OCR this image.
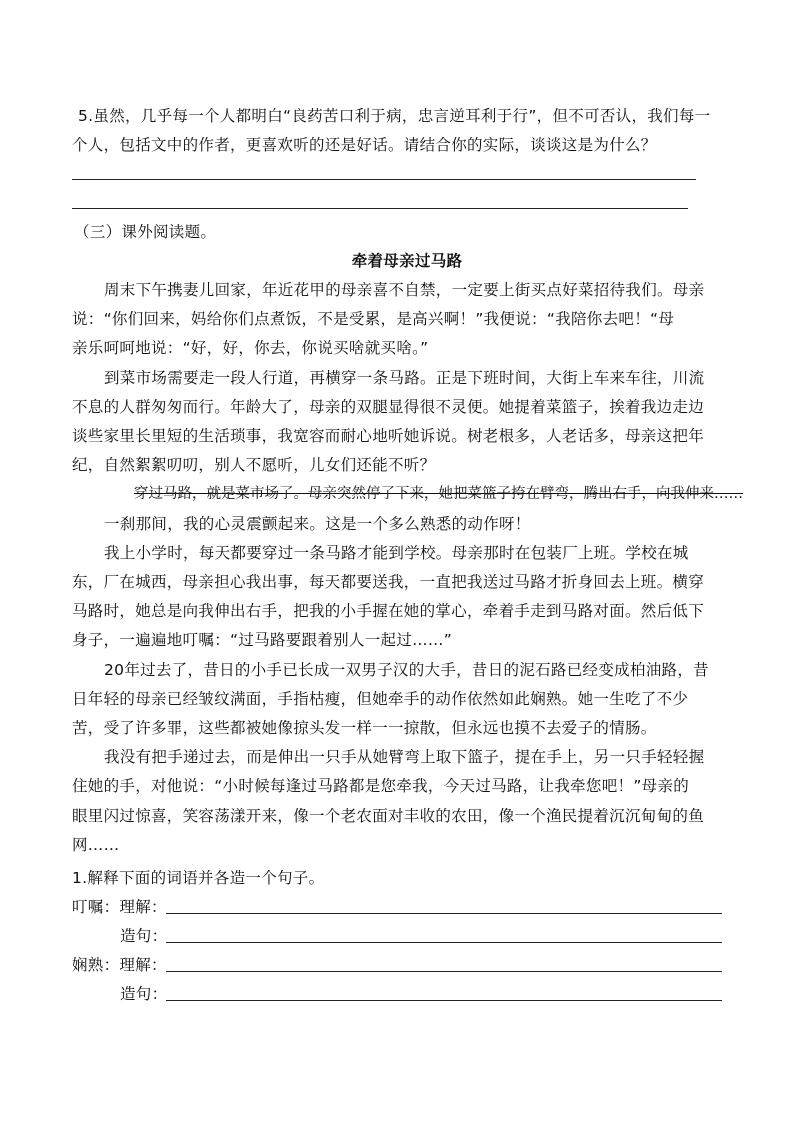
5.虽然，几乎每一个人都明白“良药苦口利于病，忠言逆耳利于行”，但不可否认，我们每一
个人，包括文中的作者，更喜欢听的还是好话。请结合你的实际，谈谈这是为什么？
（三）课外阅读题。
牵着母亲过马路
周末下午携妻儿回家，年近花甲的母亲喜不自禁，一定要上街买点好菜招待我们。母亲
说：“你们回来，妈给你们点煮饭，不是受累，是高兴啊！”我便说：“我陪你去吧！“母
亲乐呵呵地说：“好，好，你去，你说买啥就买啥。”
到菜市场需要走一段人行道，再横穿一条马路。正是下班时间，大街上车来车往，川流
不息的人群匆匆而行。年龄大了，母亲的双腿显得很不灵便。她提着菜篮子，挨着我边走边
谈些家里长里短的生活琐事，我宽容而耐心地听她诉说。树老根多，人老话多，母亲这把年
纪，自然絮絮叨叨，别人不愿听，儿女们还能不听？
穿过马路，就是菜市场了。母亲突然停了下来，她把菜篮子挎在臂弯，腾出右手，向我伸来……
一刹那间，我的心灵震颤起来。这是一个多么熟悉的动作呀！
我上小学时，每天都要穿过一条马路才能到学校。母亲那时在包装厂上班。学校在城
东，厂在城西，母亲担心我出事，每天都要送我，一直把我送过马路才折身回去上班。横穿
马路时，她总是向我伸出右手，把我的小手握在她的掌心，牵着手走到马路对面。然后低下
身子，一遍遍地叮嘱：“过马路要跟着别人一起过……”
20年过去了，昔日的小手已长成一双男子汉的大手，昔日的泥石路已经变成柏油路，昔
日年轻的母亲已经皱纹满面，手指枯瘦，但她牵手的动作依然如此娴熟。她一生吃了不少
苦，受了许多罪，这些都被她像掠头发一样一一掠散，但永远也摸不去爱子的情肠。
我没有把手递过去，而是伸出一只手从她臂弯上取下篮子，提在手上，另一只手轻轻握
住她的手，对他说：“小时候每逢过马路都是您牵我，今天过马路，让我牵您吧！”母亲的
眼里闪过惊喜，笑容荡漾开来，像一个老农面对丰收的农田，像一个渔民提着沉沉甸甸的鱼
网……
1.解释下面的词语并各造一个句子。
叮嘱：理解：
造句：
娴熟：理解：
造句：
